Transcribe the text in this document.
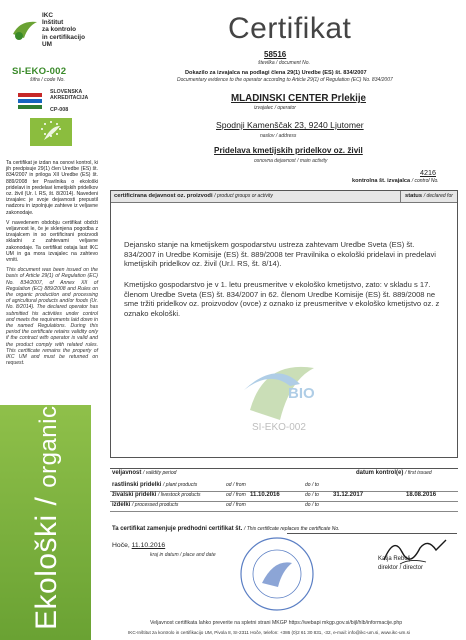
IKC
Inštitut
za kontrolo
in certifikacijo
UM
SI-EKO-002
šifra / code No.
SLOVENSKA
AKREDITACIJA
CP-008

Ta certifikat je izdan na osnovi kontrol, ki jih predpisuje 29(1) člen Uredbe (ES) št. 834/2007 in priloga XII Uredbe (ES) št. 889/2008 ter Pravilnika o ekološki pridelavi in predelavi kmetijskih pridelkov oz. živil (Ur. l. RS, št. 8/2014). Navedeni izvajalec je svoje dejavnosti prepustil nadzoru in izpolnjuje zahteve iz veljavne zakonodaje.

V navedenem obdobju certifikat obdrži veljavnost le, če je sklenjena pogodba z izvajalcem in so certificirani proizvodi skladni z zahtevami veljavne zakonodaje. Ta certifikat ostaja last IKC UM in ga mora izvajalec na zahtevo vrniti.

This document was been issued on the basis of Article 29(1) of Regulation (EC) No. 834/2007, of Annex XII of Regulation (EC) 889/2008 and Rules on the organic production and processing of agricultural products and/or foods (Ur. No. 8/2014). The declared operator has submitted his activities under control and meets the requirements laid down in the named Regulations. During this period the certificate retains validity only if the contract with operator is valid and the product comply with related rules. This certificate remains the property of IKC UM and must be returned on request.

Ekološki / organic
Certifikat
58516
številka / document No.
Dokazilo za izvajalca na podlagi člena 29(1) Uredbe (ES) št. 834/2007
Documentary evidence to the operator according to Article 29(1) of Regulation (EC) No. 834/2007
MLADINSKI CENTER Prlekije
izvajalec / operator
Spodnji Kamenščak 23, 9240 Ljutomer
naslov / address
Pridelava kmetijskih pridelkov oz. živil
osnovna dejavnost / main activity
4216
kontrolna št. izvajalca / control No.
certificirana dejavnost oz. proizvodi / product groups or activity	status / declared for
Dejansko stanje na kmetijskem gospodarstvu ustreza zahtevam Uredbe Sveta (ES) št. 834/2007 in Uredbe Komisije (ES) št. 889/2008 ter Pravilnika o ekološki pridelavi in predelavi kmetijskih pridelkov oz. živil (Ur.l. RS, št. 8/14).
Kmetijsko gospodarstvo je v 1. letu preusmeritve v ekološko kmetijstvo, zato: v skladu s 17. členom Uredbe Sveta (ES) št. 834/2007 in 62. členom Uredbe Komisije (ES) št. 889/2008 ne sme tržiti pridelkov oz. proizvodov (ovce) z oznako iz preusmeritve v ekološko kmetijstvo oz. z oznako ekološki.
BIO
SI-EKO-002
veljavnost / validity period	datum kontrol(e) / first issued
rastlinski pridelki / plant products	od / from	do / to
živalski pridelki / livestock products	od / from 11.10.2016	do / to 31.12.2017	18.08.2016
izdelki / processed products	od / from	do / to
Ta certifikat zamenjuje predhodni certifikat št. / This certificate replaces the certificate No.
Hoče, 11.10.2016
kraj in datum / place and date
Katja Rebolj
direktor / director
Veljavnost certifikata lahko preverite na spletni strani MKGP https://webapi mkgp.gov.si/bijl/hlb/informacije.php
IKC-Inštitut za kontrolo in certifikacijo UM, Pivola 8, SI-2311 Hoče, telefon: +386 (0)2 61 30 831, -32, e-mail: info@ikc-um.si, www.ikc-um.si
